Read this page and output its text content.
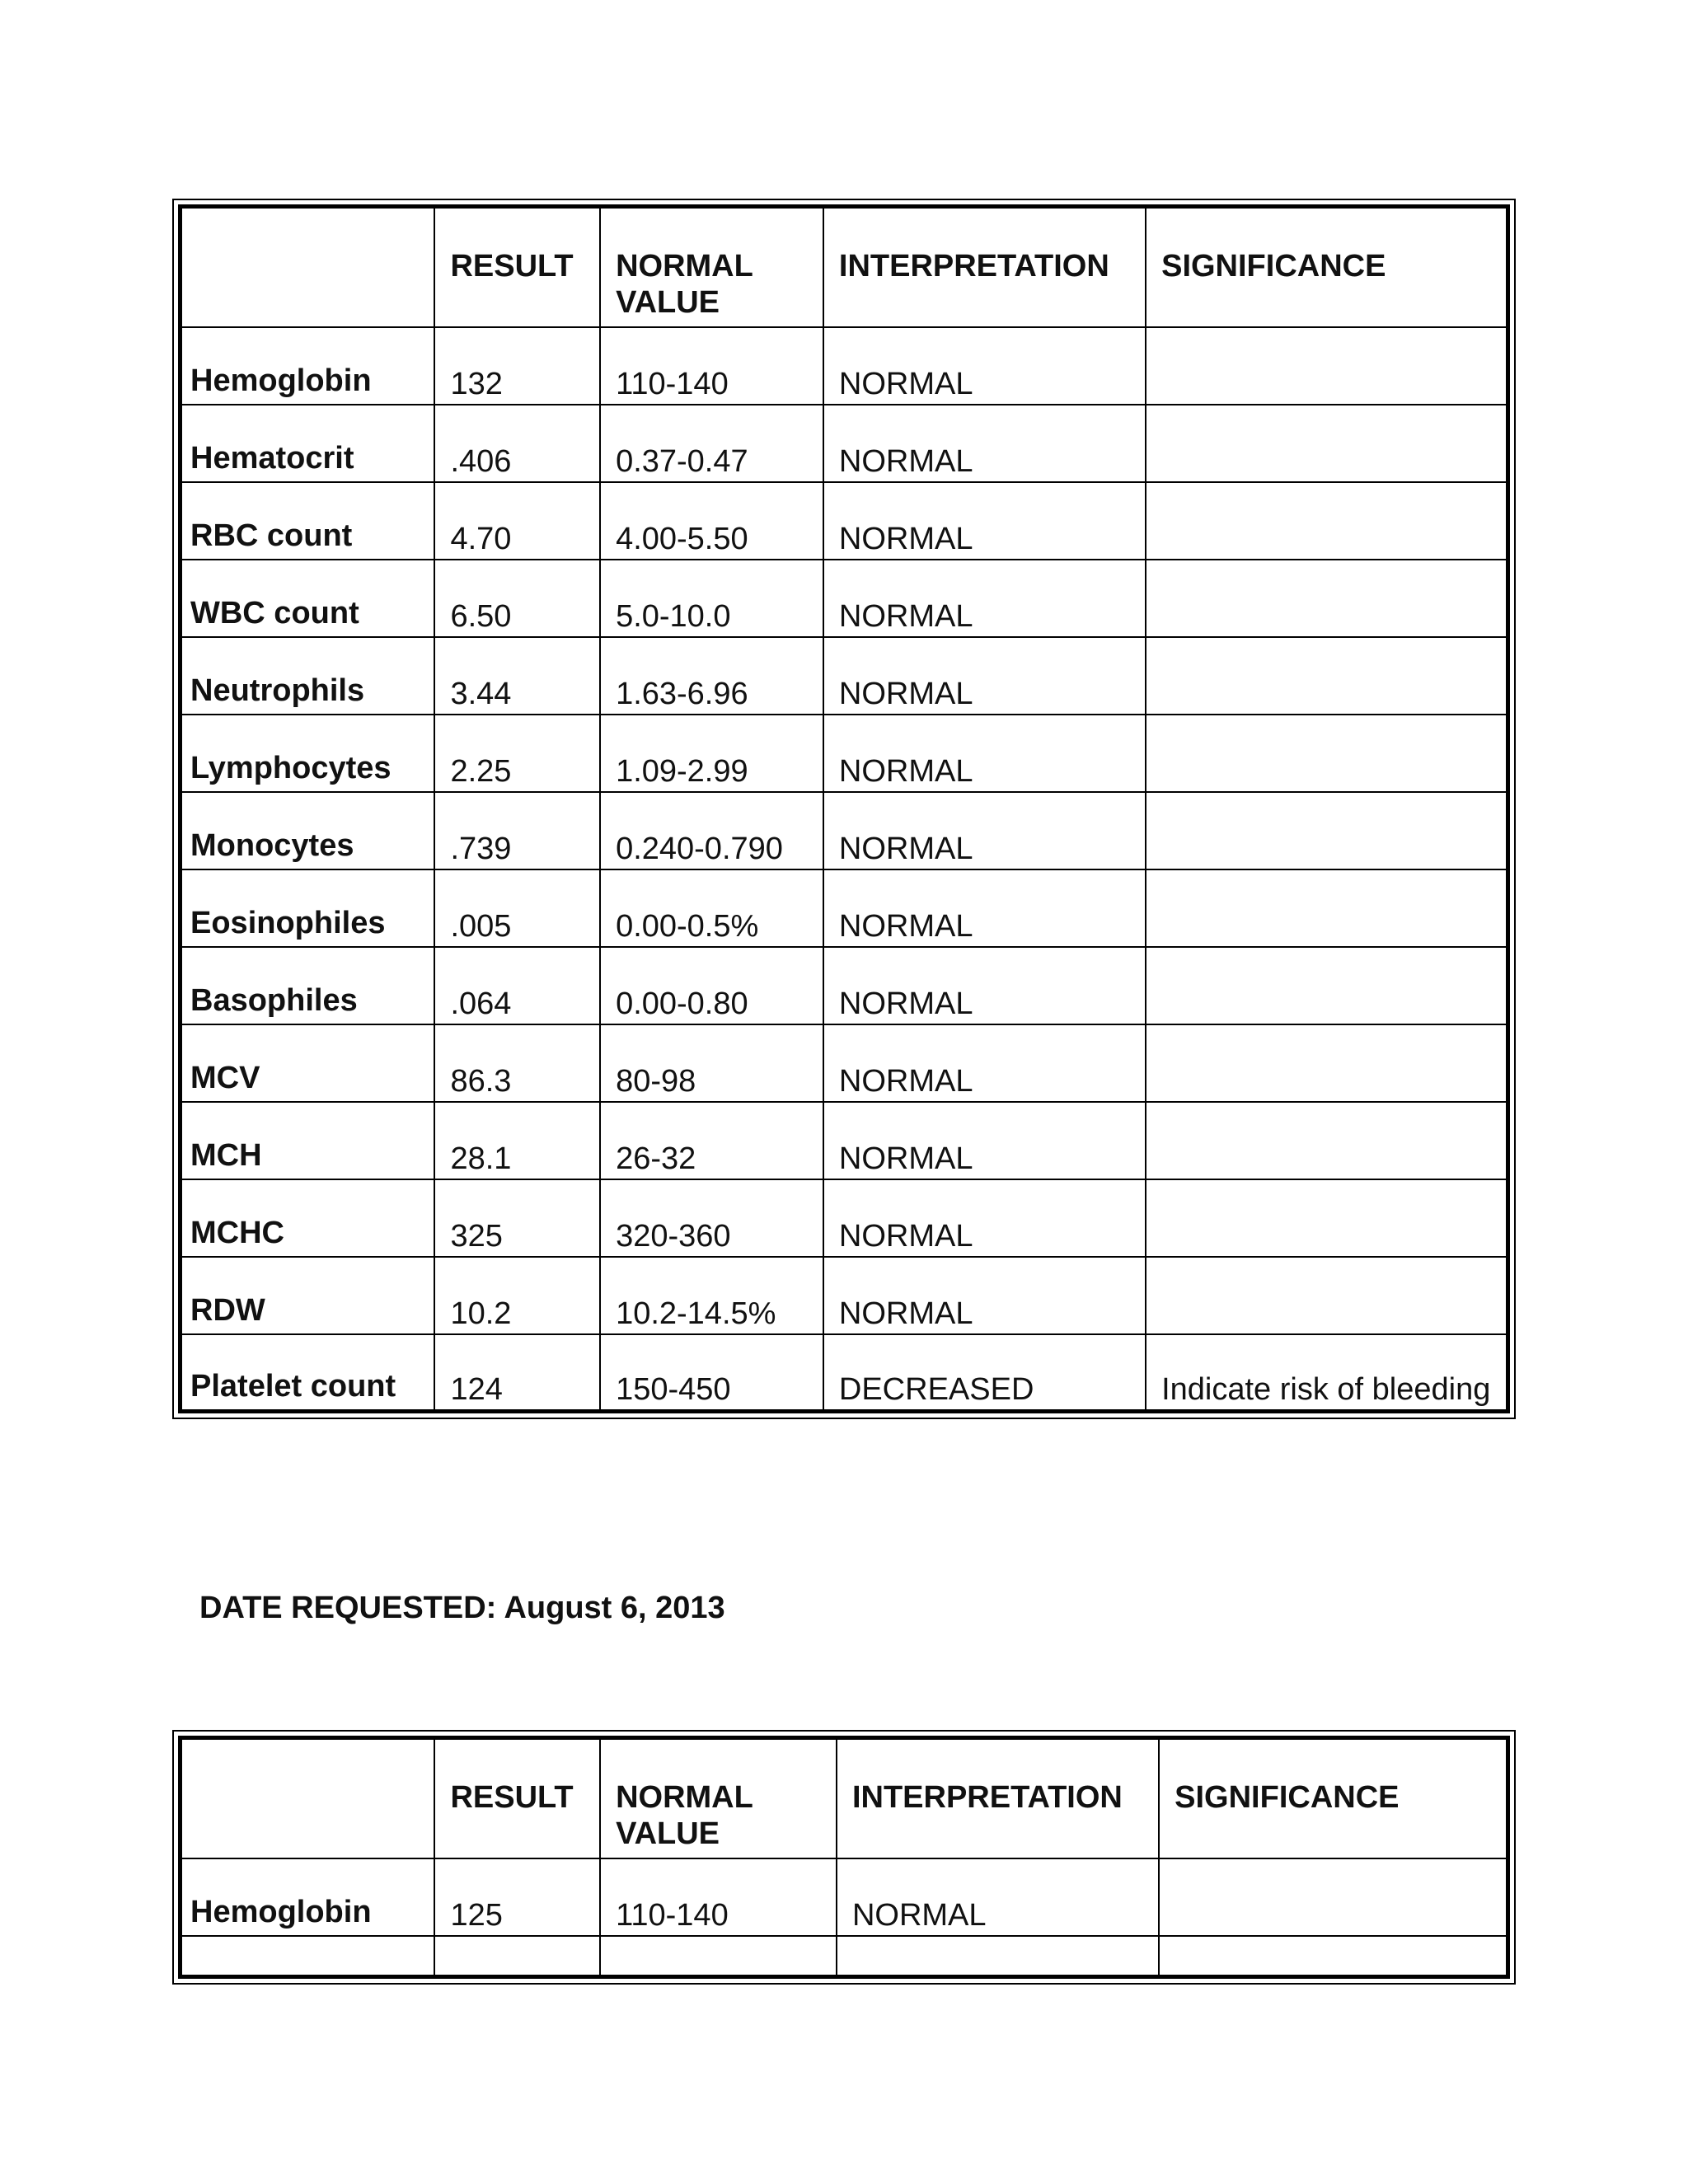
	RESULT	NORMAL VALUE	INTERPRETATION	SIGNIFICANCE
Hemoglobin	132	110-140	NORMAL	
Hematocrit	.406	0.37-0.47	NORMAL	
RBC count	4.70	4.00-5.50	NORMAL	
WBC count	6.50	5.0-10.0	NORMAL	
Neutrophils	3.44	1.63-6.96	NORMAL	
Lymphocytes	2.25	1.09-2.99	NORMAL	
Monocytes	.739	0.240-0.790	NORMAL	
Eosinophiles	.005	0.00-0.5%	NORMAL	
Basophiles	.064	0.00-0.80	NORMAL	
MCV	86.3	80-98	NORMAL	
MCH	28.1	26-32	NORMAL	
MCHC	325	320-360	NORMAL	
RDW	10.2	10.2-14.5%	NORMAL	
Platelet count	124	150-450	DECREASED	Indicate risk of bleeding
DATE REQUESTED: August 6, 2013
	RESULT	NORMAL VALUE	INTERPRETATION	SIGNIFICANCE
Hemoglobin	125	110-140	NORMAL	
